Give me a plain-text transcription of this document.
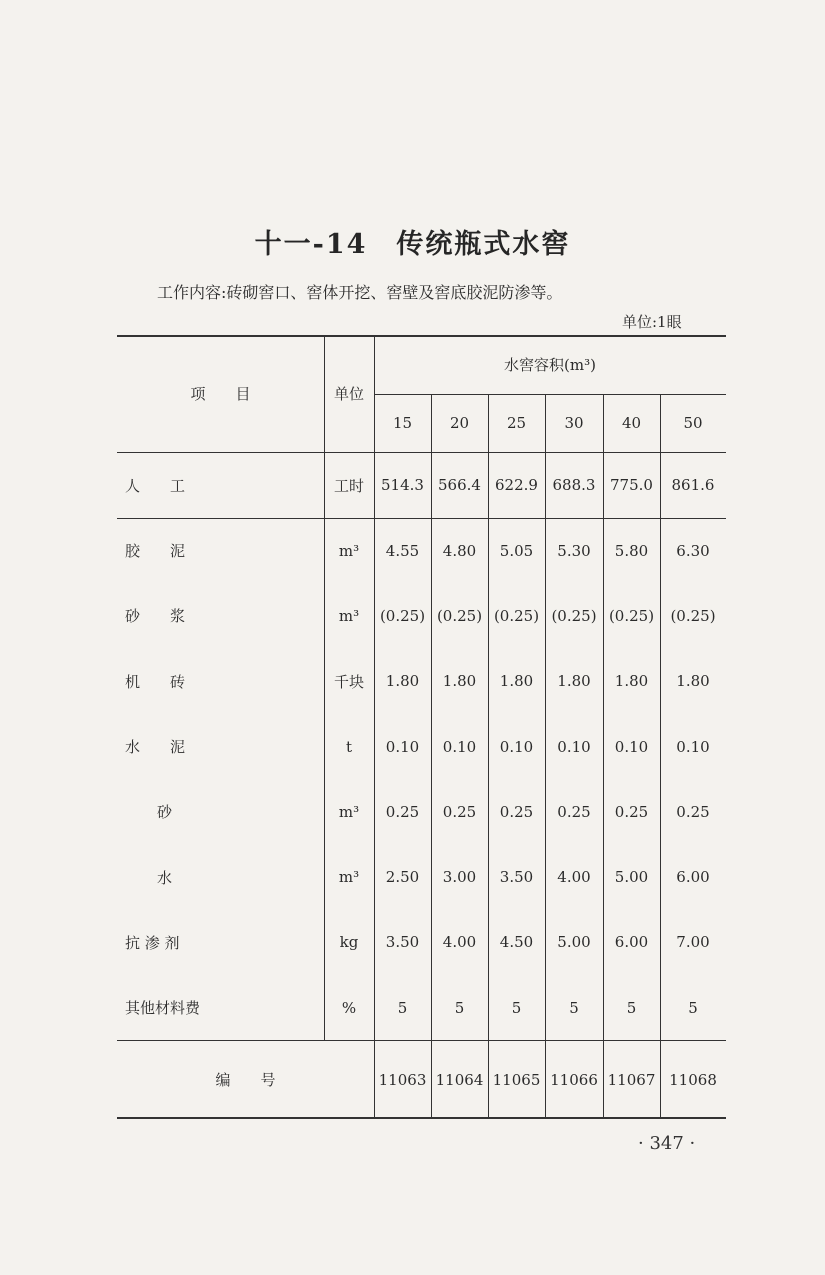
十一-14　传统瓶式水窖
工作内容:砖砌窖口、窖体开挖、窖壁及窖底胶泥防渗等。
单位:1眼
项　　目	单位
水窖容积(m³)
15	20	25	30	40	50
人　　工	工时	514.3 566.4 622.9 688.3 775.0	861.6
胶　　泥	m³	4.55	4.80	5.05	5.30	5.80	6.30
砂　　浆	m³	(0.25) (0.25) (0.25) (0.25) (0.25)	(0.25)
机　　砖	千块	1.80	1.80	1.80	1.80	1.80	1.80
水　　泥	t	0.10	0.10	0.10	0.10	0.10	0.10
砂	m³	0.25	0.25	0.25	0.25	0.25	0.25
水	m³	2.50	3.00	3.50	4.00	5.00	6.00
抗 渗 剂	kg	3.50	4.00	4.50	5.00	6.00	7.00
其他材料费	%	5	5	5	5	5	5
编　　号	11063 11064 11065 11066 11067 11068
· 347 ·
